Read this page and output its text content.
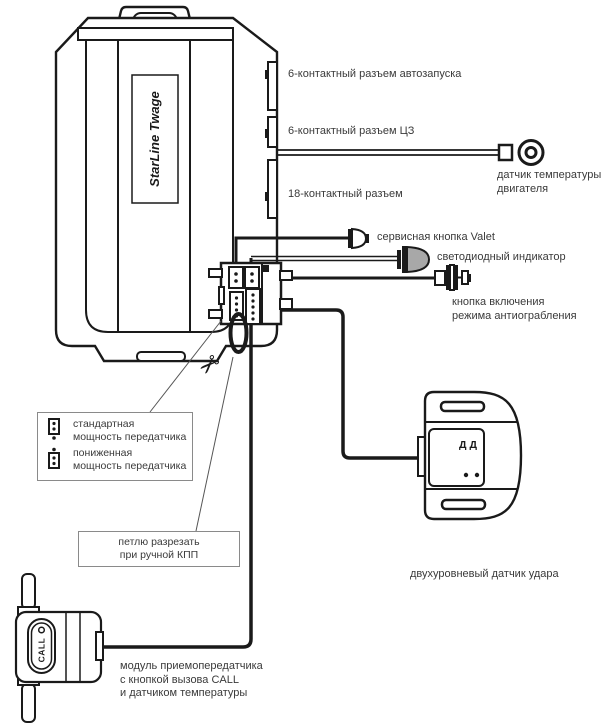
StarLine Twage
CALL
Д Д
6-контактный разъем автозапуска
6-контактный разъем ЦЗ
датчик температуры
двигателя
18-контактный разъем
сервисная кнопка Valet
светодиодный индикатор
кнопка включения
режима антиограбления
двухуровневый датчик удара
модуль приемопередатчика
с кнопкой вызова CALL
и датчиком температуры
стандартная
мощность передатчика
пониженная
мощность передатчика
петлю разрезать
при ручной КПП
✂
